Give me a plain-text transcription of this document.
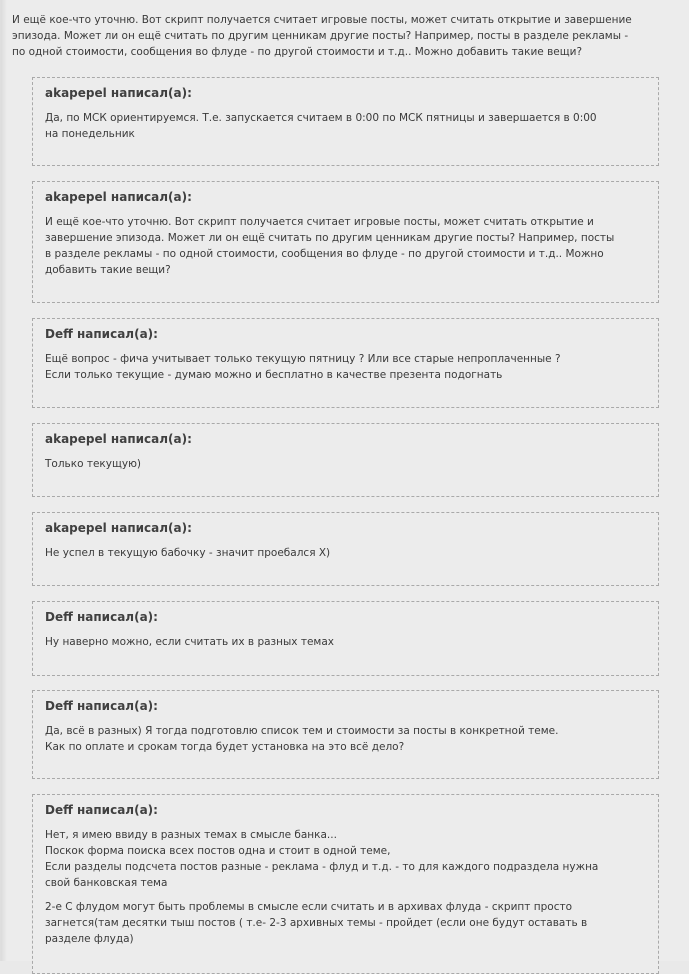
И ещё кое-что уточню. Вот скрипт получается считает игровые посты, может считать открытие и завершение
эпизода. Может ли он ещё считать по другим ценникам другие посты? Например, посты в разделе рекламы -
по одной стоимости, сообщения во флуде - по другой стоимости и т.д.. Можно добавить такие вещи?
akapepel написал(а):
Да, по МСК ориентируемся. Т.е. запускается считаем в 0:00 по МСК пятницы и завершается в 0:00
на понедельник
akapepel написал(а):
И ещё кое-что уточню. Вот скрипт получается считает игровые посты, может считать открытие и
завершение эпизода. Может ли он ещё считать по другим ценникам другие посты? Например, посты
в разделе рекламы - по одной стоимости, сообщения во флуде - по другой стоимости и т.д.. Можно
добавить такие вещи?
Deff написал(а):
Ещё вопрос - фича учитывает только текущую пятницу ? Или все старые непроплаченные ?
Если только текущие - думаю можно и бесплатно в качестве презента подогнать
akapepel написал(а):
Только текущую)
akapepel написал(а):
Не успел в текущую бабочку - значит проебался Х)
Deff написал(а):
Ну наверно можно, если считать их в разных темах
Deff написал(а):
Да, всё в разных) Я тогда подготовлю список тем и стоимости за посты в конкретной теме.
Как по оплате и срокам тогда будет установка на это всё дело?
Deff написал(а):
Нет, я имею ввиду в разных темах в смысле банка...
Поскок форма поиска всех постов одна и стоит в одной теме,
Если разделы подсчета постов разные - реклама - флуд и т.д. - то для каждого подраздела нужна
свой банковская тема
2-е С флудом могут быть проблемы в смысле если считать и в архивах флуда - скрипт просто
загнется(там десятки тыш постов ( т.е- 2-3 архивных темы - пройдет (если оне будут оставать в
разделе флуда)
